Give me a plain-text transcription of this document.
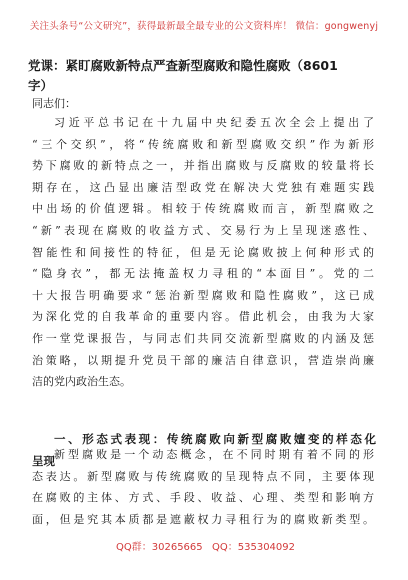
关注头条号“公文研究”，获得最新最全最专业的公文资料库！ 微信：gongwenyj
党课：紧盯腐败新特点严查新型腐败和隐性腐败（8601
字）
同志们：
习近平总书记在十九届中央纪委五次全会上提出了
“三个交织”，将“传统腐败和新型腐败交织”作为新形
势下腐败的新特点之一，并指出腐败与反腐败的较量将长
期存在，这凸显出廉洁型政党在解决大党独有难题实践
中出场的价值逻辑。相较于传统腐败而言，新型腐败之
“新”表现在腐败的收益方式、交易行为上呈现迷惑性、
智能性和间接性的特征，但是无论腐败披上何种形式的
“隐身衣”，都无法掩盖权力寻租的“本面目”。党的二
十大报告明确要求“惩治新型腐败和隐性腐败”，这已成
为深化党的自我革命的重要内容。借此机会，由我为大家
作一堂党课报告，与同志们共同交流新型腐败的内涵及惩
治策略，以期提升党员干部的廉洁自律意识，营造崇尚廉
洁的党内政治生态。
一、形态式表现：传统腐败向新型腐败嬗变的样态化
呈现 新型腐败是一个动态概念，在不同时期有着不同的形
态表达。新型腐败与传统腐败的呈现特点不同，主要体现
在腐败的主体、方式、手段、收益、心理、类型和影响方
面，但是究其本质都是遮蔽权力寻租行为的腐败新类型。
QQ群：30265665 QQ：535304092
